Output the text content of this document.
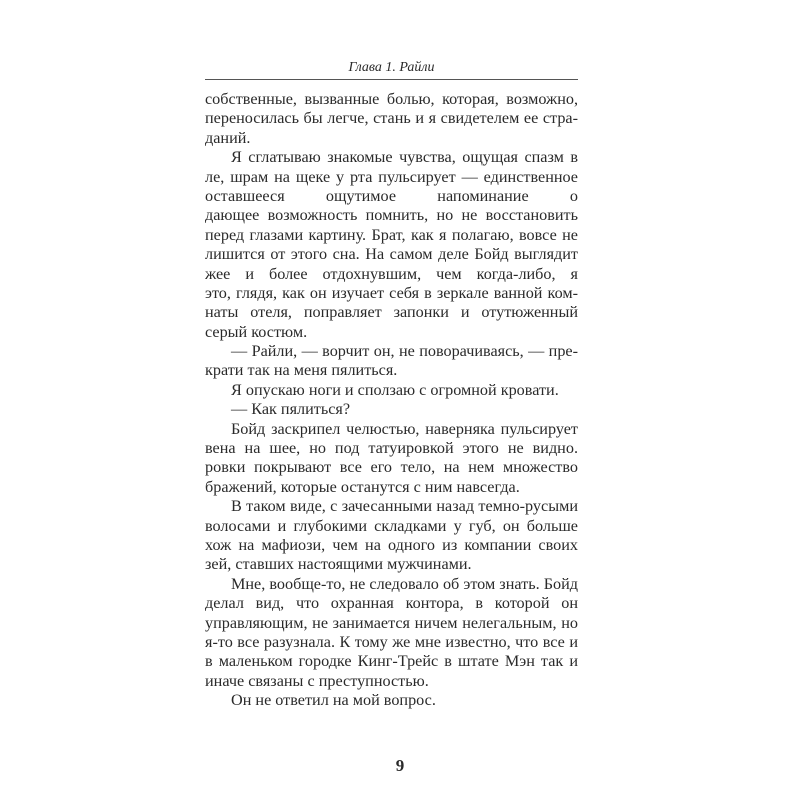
Глава 1. Райли
собственные, вызванные болью, которая, возможно,
переносилась бы легче, стань и я свидетелем ее стра-
даний.
Я сглатываю знакомые чувства, ощущая спазм в
ле, шрам на щеке у рта пульсирует — единственное
оставшееся ощутимое напоминание о
дающее возможность помнить, но не восстановить
перед глазами картину. Брат, как я полагаю, вовсе не
лишится от этого сна. На самом деле Бойд выглядит
жее и более отдохнувшим, чем когда-либо, я
это, глядя, как он изучает себя в зеркале ванной ком-
наты отеля, поправляет запонки и отутюженный
серый костюм.
— Райли, — ворчит он, не поворачиваясь, — пре-
крати так на меня пялиться.
Я опускаю ноги и сползаю с огромной кровати.
— Как пялиться?
Бойд заскрипел челюстью, наверняка пульсирует
вена на шее, но под татуировкой этого не видно.
ровки покрывают все его тело, на нем множество
бражений, которые останутся с ним навсегда.
В таком виде, с зачесанными назад темно-русыми
волосами и глубокими складками у губ, он больше
хож на мафиози, чем на одного из компании своих
зей, ставших настоящими мужчинами.
Мне, вообще-то, не следовало об этом знать. Бойд
делал вид, что охранная контора, в которой он
управляющим, не занимается ничем нелегальным, но
я-то все разузнала. К тому же мне известно, что все и
в маленьком городке Кинг-Трейс в штате Мэн так и
иначе связаны с преступностью.
Он не ответил на мой вопрос.
9
